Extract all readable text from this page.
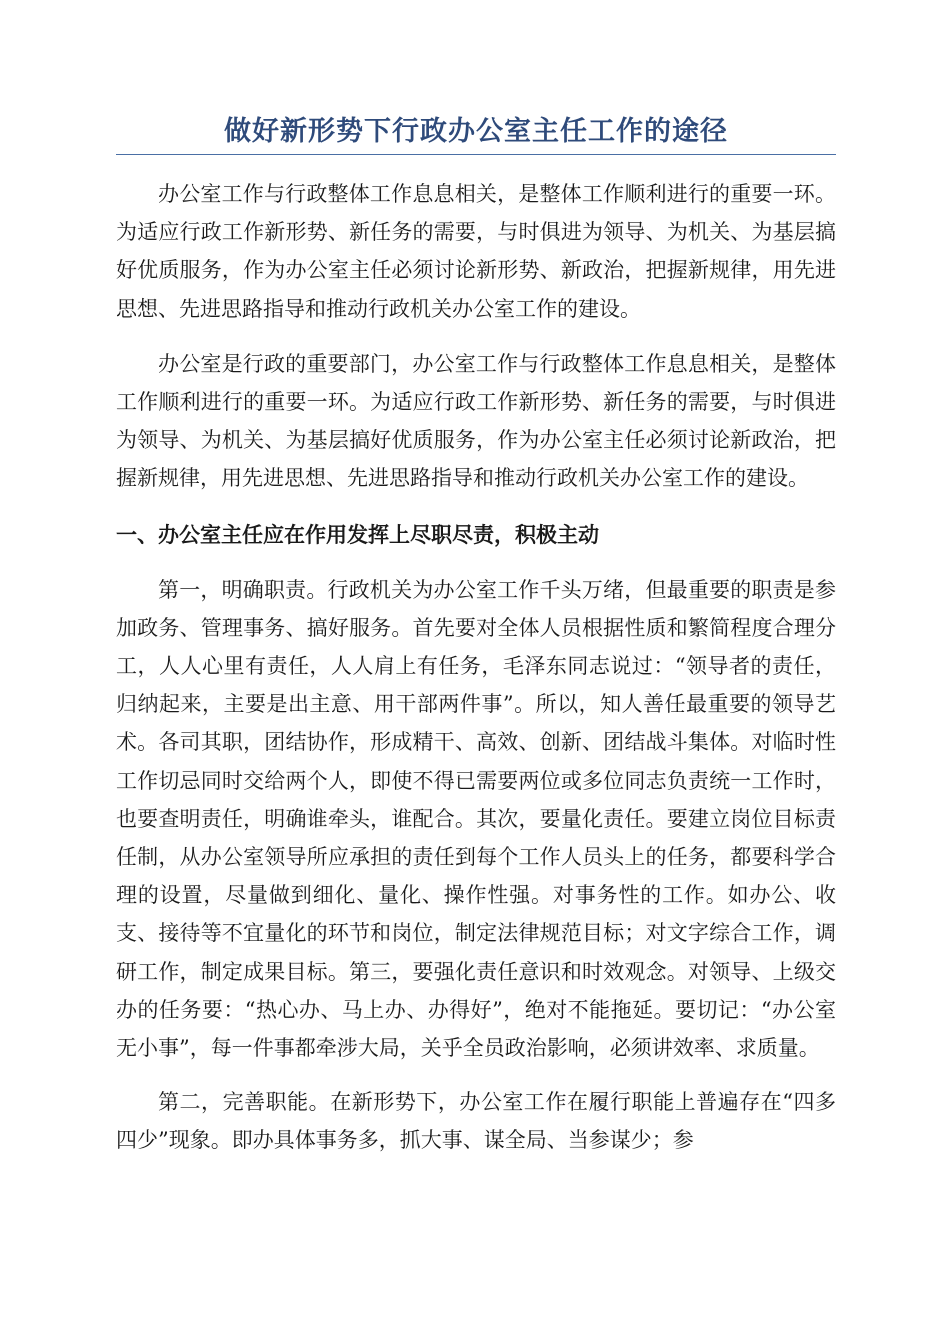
做好新形势下行政办公室主任工作的途径

办公室工作与行政整体工作息息相关，是整体工作顺利进行的重要一环。为适应行政工作新形势、新任务的需要，与时俱进为领导、为机关、为基层搞好优质服务，作为办公室主任必须讨论新形势、新政治，把握新规律，用先进思想、先进思路指导和推动行政机关办公室工作的建设。

办公室是行政的重要部门，办公室工作与行政整体工作息息相关，是整体工作顺利进行的重要一环。为适应行政工作新形势、新任务的需要，与时俱进为领导、为机关、为基层搞好优质服务，作为办公室主任必须讨论新政治，把握新规律，用先进思想、先进思路指导和推动行政机关办公室工作的建设。

一、办公室主任应在作用发挥上尽职尽责，积极主动

第一，明确职责。行政机关为办公室工作千头万绪，但最重要的职责是参加政务、管理事务、搞好服务。首先要对全体人员根据性质和繁简程度合理分工，人人心里有责任，人人肩上有任务，毛泽东同志说过：“领导者的责任，归纳起来，主要是出主意、用干部两件事”。所以，知人善任最重要的领导艺术。各司其职，团结协作，形成精干、高效、创新、团结战斗集体。对临时性工作切忌同时交给两个人，即使不得已需要两位或多位同志负责统一工作时，也要查明责任，明确谁牵头，谁配合。其次，要量化责任。要建立岗位目标责任制，从办公室领导所应承担的责任到每个工作人员头上的任务，都要科学合理的设置，尽量做到细化、量化、操作性强。对事务性的工作。如办公、收支、接待等不宜量化的环节和岗位，制定法律规范目标；对文字综合工作，调研工作，制定成果目标。第三，要强化责任意识和时效观念。对领导、上级交办的任务要：“热心办、马上办、办得好”，绝对不能拖延。要切记：“办公室无小事”，每一件事都牵涉大局，关乎全员政治影响，必须讲效率、求质量。

第二，完善职能。在新形势下，办公室工作在履行职能上普遍存在“四多四少”现象。即办具体事务多，抓大事、谋全局、当参谋少；参
